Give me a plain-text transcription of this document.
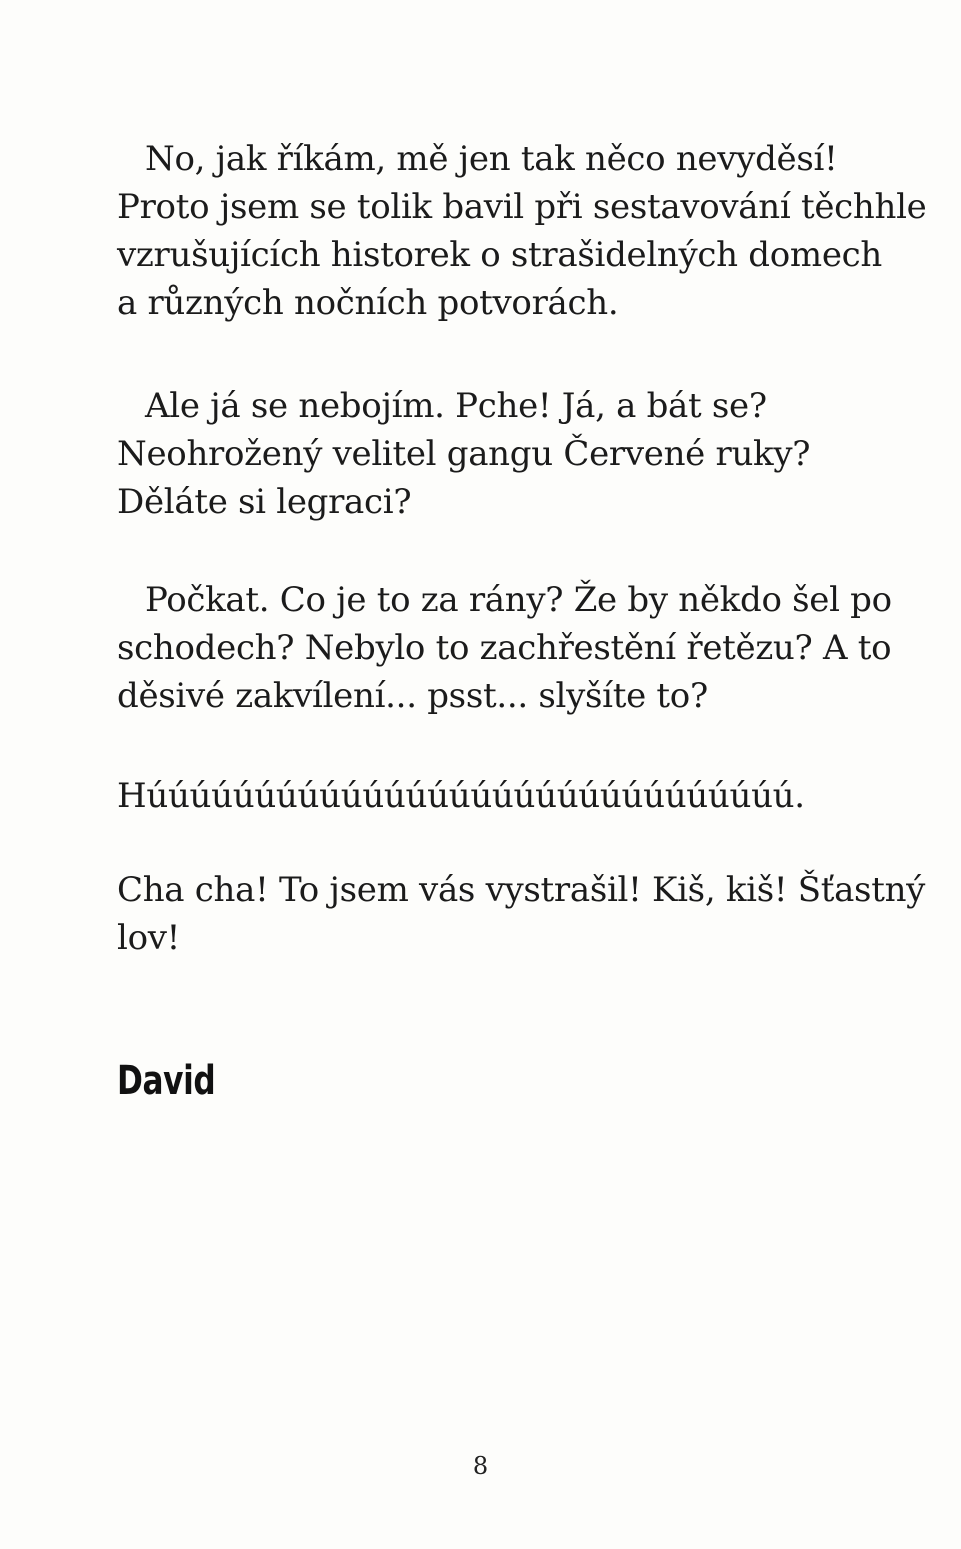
No, jak říkám, mě jen tak něco nevyděsí!
Proto jsem se tolik bavil při sestavování těchhle
vzrušujících historek o strašidelných domech
a různých nočních potvorách.
Ale já se nebojím. Pche! Já, a bát se?
Neohrožený velitel gangu Červené ruky?
Děláte si legraci?
Počkat. Co je to za rány? Že by někdo šel po
schodech? Nebylo to zachřestění řetězu? A to
děsivé zakvílení... psst... slyšíte to?
Húúúúúúúúúúúúúúúúúúúúúúúúúúúúúú.
Cha cha! To jsem vás vystrašil! Kiš, kiš! Šťastný
lov!
David
8
